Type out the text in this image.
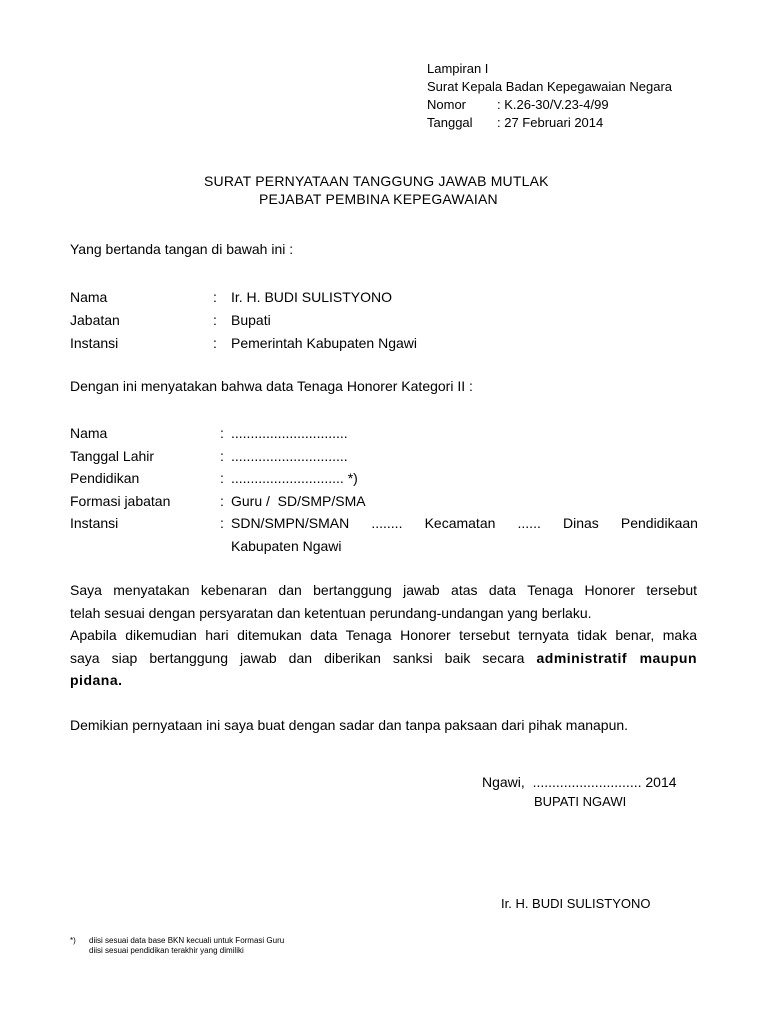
Lampiran I
Surat Kepala Badan Kepegawaian Negara
Nomor	: K.26-30/V.23-4/99
Tanggal	: 27 Februari 2014
SURAT PERNYATAAN TANGGUNG JAWAB MUTLAK
PEJABAT PEMBINA KEPEGAWAIAN
Yang bertanda tangan di bawah ini :
Nama	:	Ir. H. BUDI SULISTYONO
Jabatan	:	Bupati
Instansi	:	Pemerintah Kabupaten Ngawi
Dengan ini menyatakan bahwa data Tenaga Honorer Kategori II :
Nama	: ..............................
Tanggal Lahir	: ..............................
Pendidikan	: ............................. *)
Formasi jabatan	: Guru /  SD/SMP/SMA
Instansi	: SDN/SMPN/SMAN ........ Kecamatan ...... Dinas Pendidikaan
Kabupaten Ngawi
Saya menyatakan kebenaran dan bertanggung jawab atas data Tenaga Honorer tersebut
telah sesuai dengan persyaratan dan ketentuan perundang-undangan yang berlaku.
Apabila dikemudian hari ditemukan data Tenaga Honorer tersebut ternyata tidak benar, maka
saya siap bertanggung jawab dan diberikan sanksi baik secara administratif maupun
pidana.
Demikian pernyataan ini saya buat dengan sadar dan tanpa paksaan dari pihak manapun.
Ngawi,  ............................ 2014
BUPATI NGAWI
Ir. H. BUDI SULISTYONO
*)	diisi sesuai data base BKN kecuali untuk Formasi Guru
diisi sesuai pendidikan terakhir yang dimiliki
